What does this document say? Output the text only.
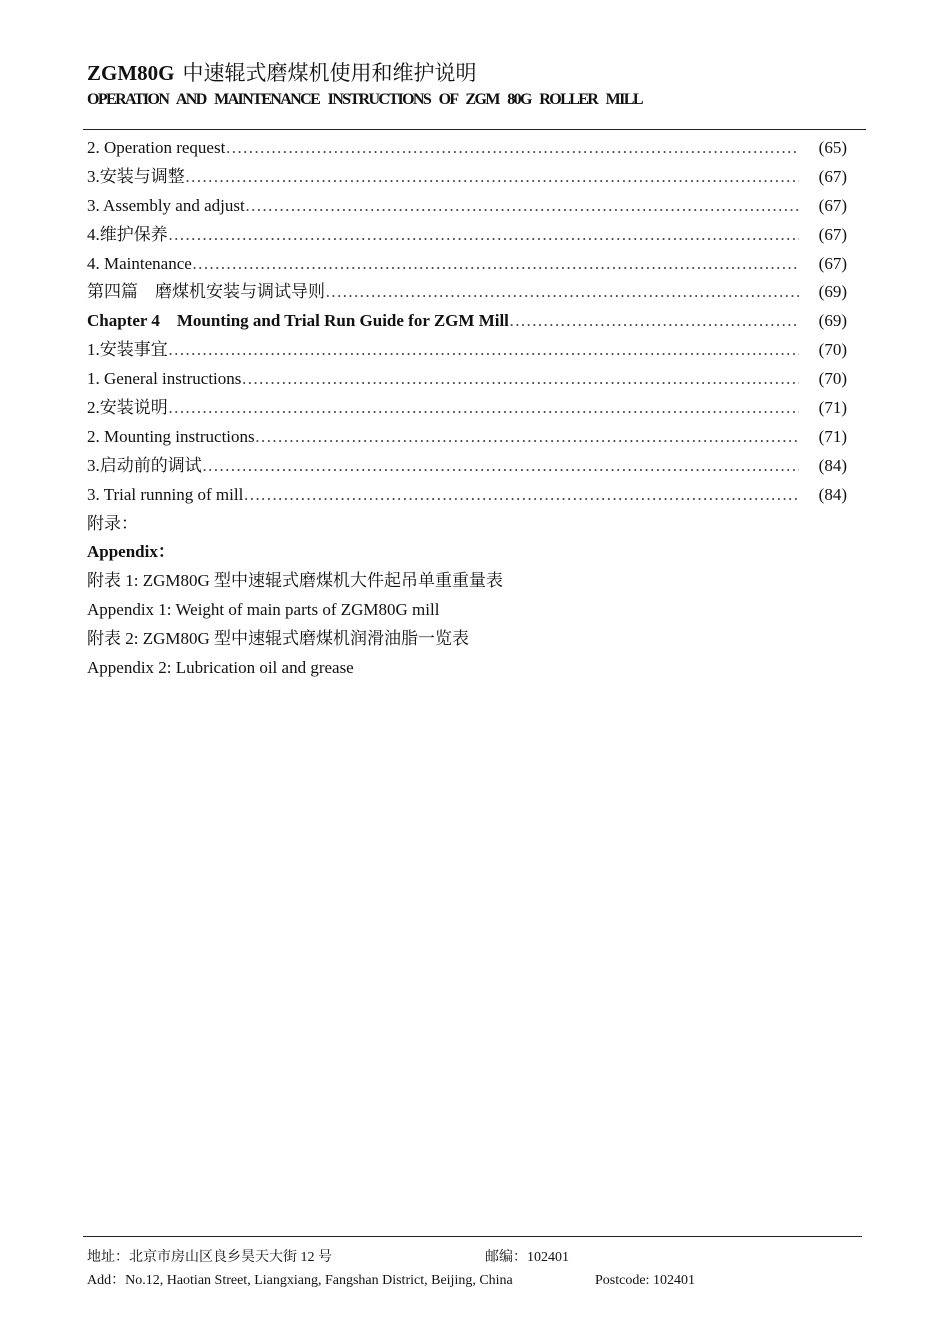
ZGM80G 中速辊式磨煤机使用和维护说明
OPERATION AND MAINTENANCE INSTRUCTIONS OF ZGM 80G ROLLER MILL
2. Operation request …………………………………………………………………………………………………………………………………………………………………………………………………	(65)
3.安装与调整 …………………………………………………………………………………………………………………………………………………………………………………………………	(67)
3. Assembly and adjust …………………………………………………………………………………………………………………………………………………………………………………………………	(67)
4.维护保养 …………………………………………………………………………………………………………………………………………………………………………………………………	(67)
4. Maintenance …………………………………………………………………………………………………………………………………………………………………………………………………	(67)
第四篇　磨煤机安装与调试导则 …………………………………………………………………………………………………………………………………………………………………………………………………	(69)
Chapter 4　Mounting and Trial Run Guide for ZGM Mill …………………………………………………………………………………………………………………………………………………………………………………………………	(69)
1.安装事宜 …………………………………………………………………………………………………………………………………………………………………………………………………	(70)
1. General instructions …………………………………………………………………………………………………………………………………………………………………………………………………	(70)
2.安装说明 …………………………………………………………………………………………………………………………………………………………………………………………………	(71)
2. Mounting instructions …………………………………………………………………………………………………………………………………………………………………………………………………	(71)
3.启动前的调试 …………………………………………………………………………………………………………………………………………………………………………………………………	(84)
3. Trial running of mill …………………………………………………………………………………………………………………………………………………………………………………………………	(84)
附录：
Appendix：
附表 1: ZGM80G 型中速辊式磨煤机大件起吊单重重量表
Appendix 1: Weight of main parts of ZGM80G mill
附表 2: ZGM80G 型中速辊式磨煤机润滑油脂一览表
Appendix 2: Lubrication oil and grease
地址：北京市房山区良乡昊天大街 12 号	邮编：102401
Add：No.12, Haotian Street, Liangxiang, Fangshan District, Beijing, China	Postcode: 102401
